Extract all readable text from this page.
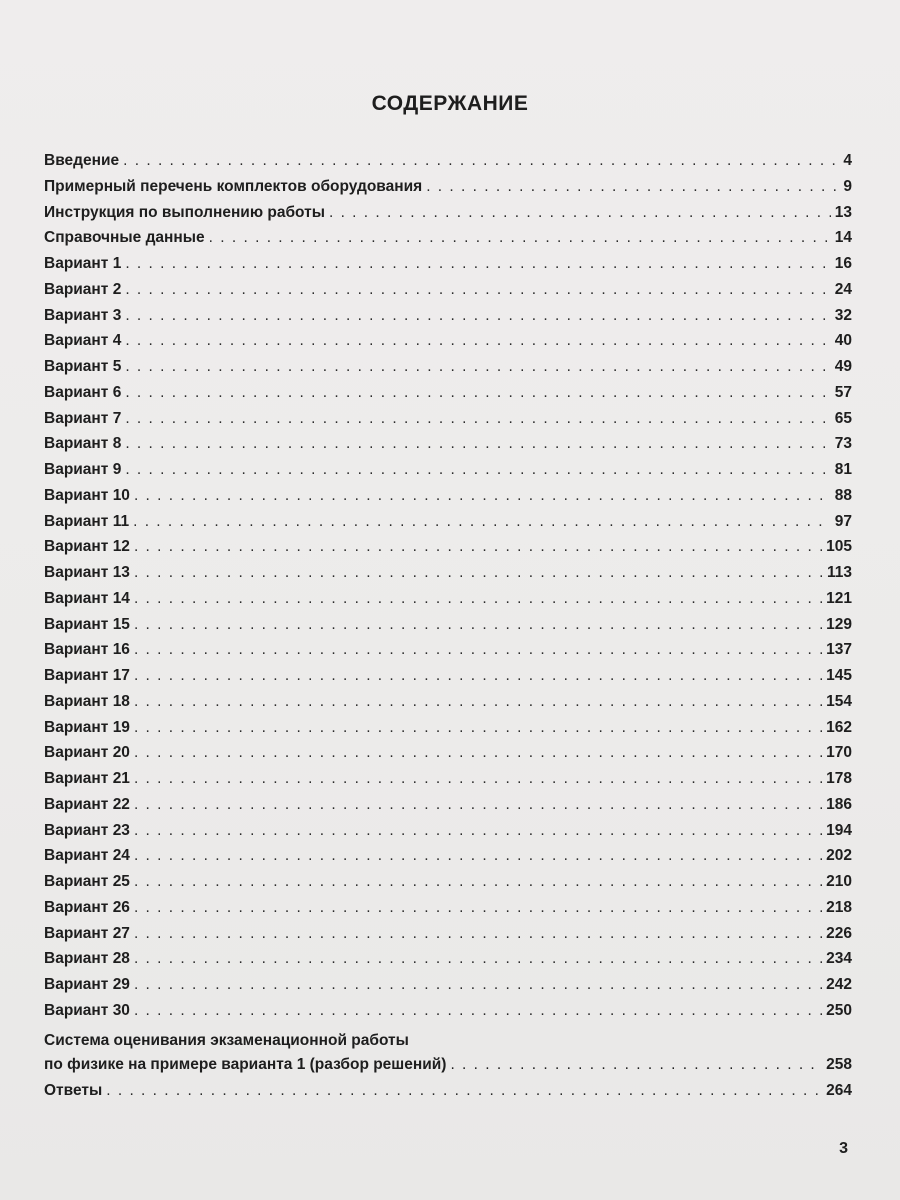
СОДЕРЖАНИЕ
Введение . . .	4
Примерный перечень комплектов оборудования . . .	9
Инструкция по выполнению работы . . .	13
Справочные данные . . .	14
Вариант 1 . . .	16
Вариант 2 . . .	24
Вариант 3 . . .	32
Вариант 4 . . .	40
Вариант 5 . . .	49
Вариант 6 . . .	57
Вариант 7 . . .	65
Вариант 8 . . .	73
Вариант 9 . . .	81
Вариант 10 . . .	88
Вариант 11 . . .	97
Вариант 12 . . .	105
Вариант 13 . . .	113
Вариант 14 . . .	121
Вариант 15 . . .	129
Вариант 16 . . .	137
Вариант 17 . . .	145
Вариант 18 . . .	154
Вариант 19 . . .	162
Вариант 20 . . .	170
Вариант 21 . . .	178
Вариант 22 . . .	186
Вариант 23 . . .	194
Вариант 24 . . .	202
Вариант 25 . . .	210
Вариант 26 . . .	218
Вариант 27 . . .	226
Вариант 28 . . .	234
Вариант 29 . . .	242
Вариант 30 . . .	250
Система оценивания экзаменационной работы
по физике на примере варианта 1 (разбор решений) . . .	258
Ответы . . .	264
3
